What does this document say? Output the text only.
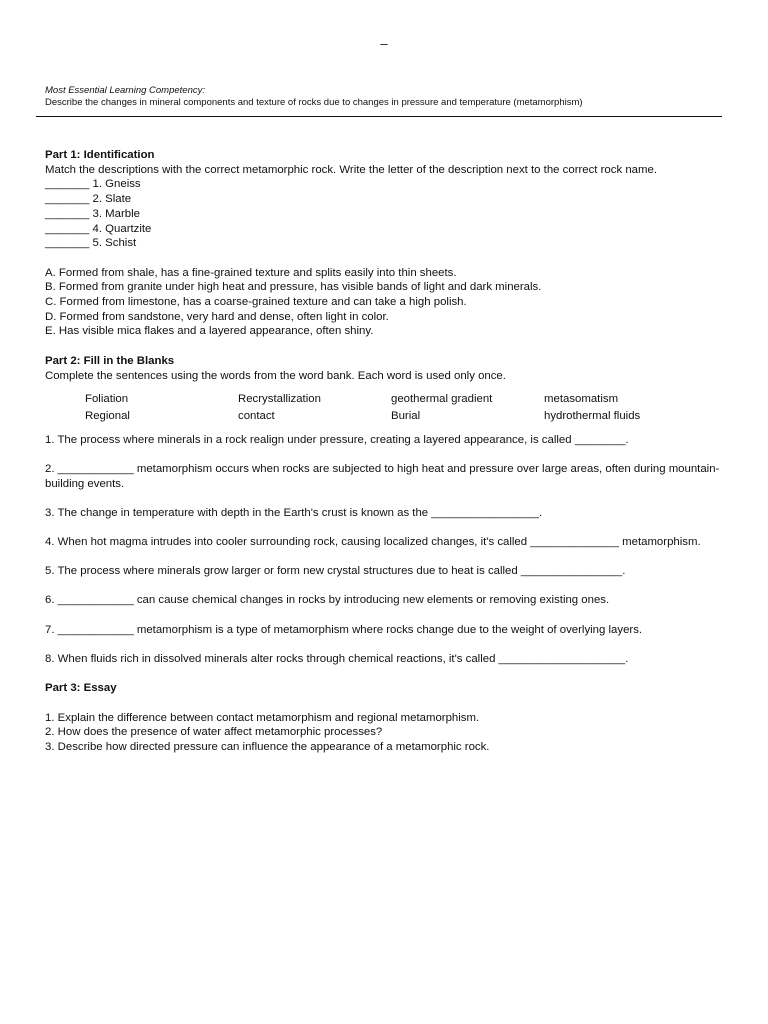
–
Most Essential Learning Competency:
Describe the changes in mineral components and texture of rocks due to changes in pressure and temperature (metamorphism)

Part 1: Identification

Match the descriptions with the correct metamorphic rock. Write the letter of the description next to the correct rock name.

_______ 1. Gneiss

_______ 2. Slate

_______ 3. Marble

_______ 4. Quartzite

_______ 5. Schist

A. Formed from shale, has a fine-grained texture and splits easily into thin sheets.

B. Formed from granite under high heat and pressure, has visible bands of light and dark minerals.

C. Formed from limestone, has a coarse-grained texture and can take a high polish.

D. Formed from sandstone, very hard and dense, often light in color.

E. Has visible mica flakes and a layered appearance, often shiny.

Part 2: Fill in the Blanks

Complete the sentences using the words from the word bank. Each word is used only once.

Foliation	Recrystallization	geothermal gradient	metasomatism
Regional	contact	Burial	hydrothermal fluids
1. The process where minerals in a rock realign under pressure, creating a layered appearance, is called ________.
2. ____________ metamorphism occurs when rocks are subjected to high heat and pressure over large areas, often during mountain-building events.
3. The change in temperature with depth in the Earth's crust is known as the _________________.
4. When hot magma intrudes into cooler surrounding rock, causing localized changes, it's called ______________ metamorphism.
5. The process where minerals grow larger or form new crystal structures due to heat is called ________________.
6. ____________ can cause chemical changes in rocks by introducing new elements or removing existing ones.
7. ____________ metamorphism is a type of metamorphism where rocks change due to the weight of overlying layers.
8. When fluids rich in dissolved minerals alter rocks through chemical reactions, it's called ____________________.

Part 3: Essay

1. Explain the difference between contact metamorphism and regional metamorphism.

2. How does the presence of water affect metamorphic processes?

3. Describe how directed pressure can influence the appearance of a metamorphic rock.
